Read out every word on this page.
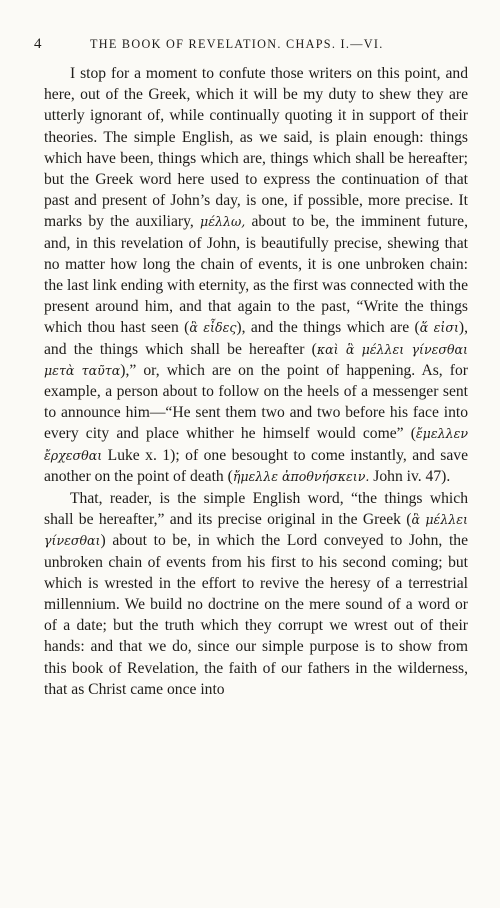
4	THE BOOK OF REVELATION. CHAPS. I.—VI.

I stop for a moment to confute those writers on this point, and here, out of the Greek, which it will be my duty to shew they are utterly ignorant of, while continually quoting it in support of their theories. The simple English, as we said, is plain enough: things which have been, things which are, things which shall be hereafter; but the Greek word here used to express the continuation of that past and present of John’s day, is one, if possible, more precise. It marks by the auxiliary, μέλλω, about to be, the imminent future, and, in this revelation of John, is beautifully precise, shewing that no matter how long the chain of events, it is one unbroken chain: the last link ending with eternity, as the first was connected with the present around him, and that again to the past, “Write the things which thou hast seen (ἃ εἶδες), and the things which are (ἅ εἰσι), and the things which shall be hereafter (καὶ ἃ μέλλει γίνεσθαι μετὰ ταῦτα),” or, which are on the point of happening. As, for example, a person about to follow on the heels of a messenger sent to announce him—“He sent them two and two before his face into every city and place whither he himself would come” (ἔμελλεν ἔρχεσθαι Luke x. 1); of one besought to come instantly, and save another on the point of death (ἤμελλε ἀποθνήσκειν. John iv. 47).

That, reader, is the simple English word, “the things which shall be hereafter,” and its precise original in the Greek (ἃ μέλλει γίνεσθαι) about to be, in which the Lord conveyed to John, the unbroken chain of events from his first to his second coming; but which is wrested in the effort to revive the heresy of a terrestrial millennium. We build no doctrine on the mere sound of a word or of a date; but the truth which they corrupt we wrest out of their hands: and that we do, since our simple purpose is to show from this book of Revelation, the faith of our fathers in the wilderness, that as Christ came once into
